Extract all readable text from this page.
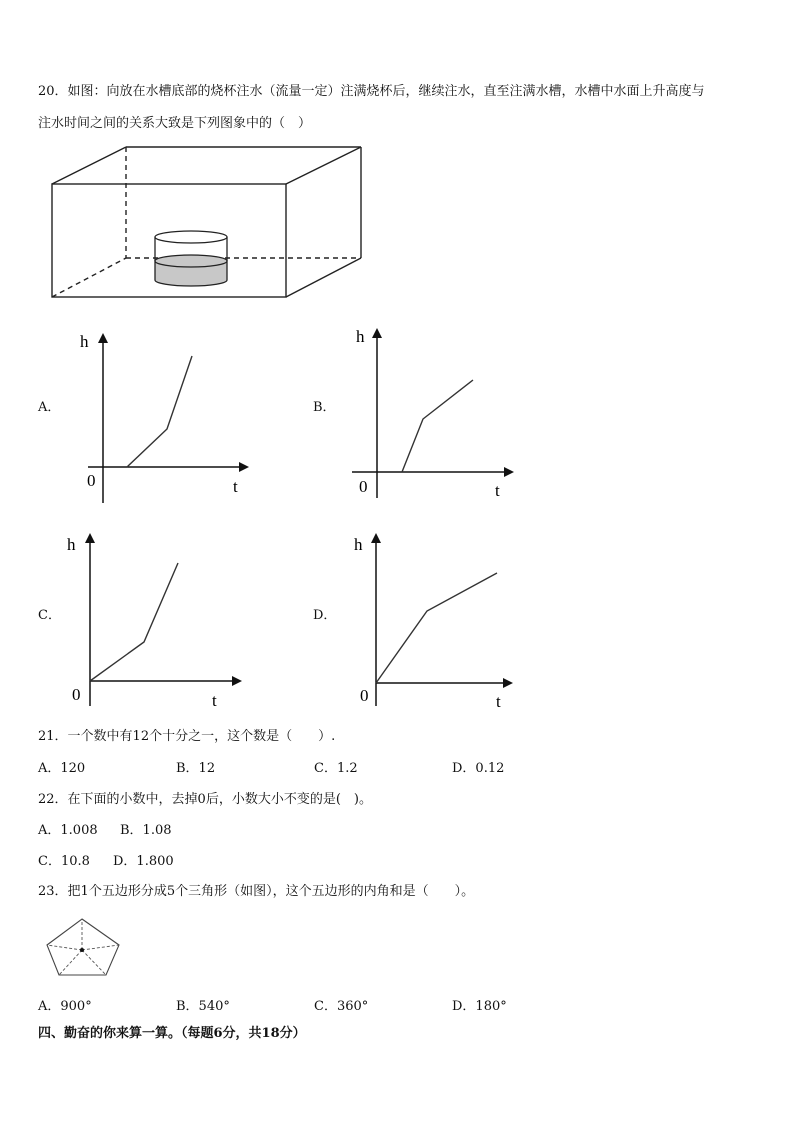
20．如图：向放在水槽底部的烧杯注水（流量一定）注满烧杯后，继续注水，直至注满水槽，水槽中水面上升高度与
注水时间之间的关系大致是下列图象中的（　）
A．
h
0	t
B．
h
0	t
C．
h
0	t
D．
h
0	t
21．一个数中有12个十分之一，这个数是（　　）.
A．120	B．12	C．1.2	D．0.12
22．在下面的小数中，去掉0后，小数大小不变的是(　)。
A．1.008 B．1.08
C．10.8 D．1.800
23．把1个五边形分成5个三角形（如图），这个五边形的内角和是（　　）。
A．900°	B．540°	C．360°	D．180°
四、勤奋的你来算一算。（每题6分，共18分）
